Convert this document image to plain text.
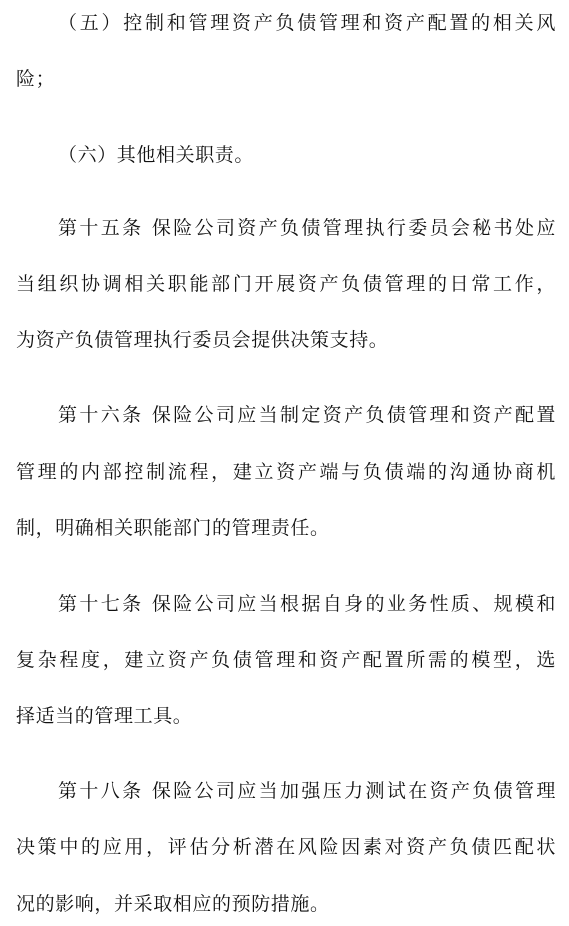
（五）控制和管理资产负债管理和资产配置的相关风
险；
（六）其他相关职责。
第十五条 保险公司资产负债管理执行委员会秘书处应
当组织协调相关职能部门开展资产负债管理的日常工作，
为资产负债管理执行委员会提供决策支持。
第十六条 保险公司应当制定资产负债管理和资产配置
管理的内部控制流程，建立资产端与负债端的沟通协商机
制，明确相关职能部门的管理责任。
第十七条 保险公司应当根据自身的业务性质、规模和
复杂程度，建立资产负债管理和资产配置所需的模型，选
择适当的管理工具。
第十八条 保险公司应当加强压力测试在资产负债管理
决策中的应用，评估分析潜在风险因素对资产负债匹配状
况的影响，并采取相应的预防措施。
